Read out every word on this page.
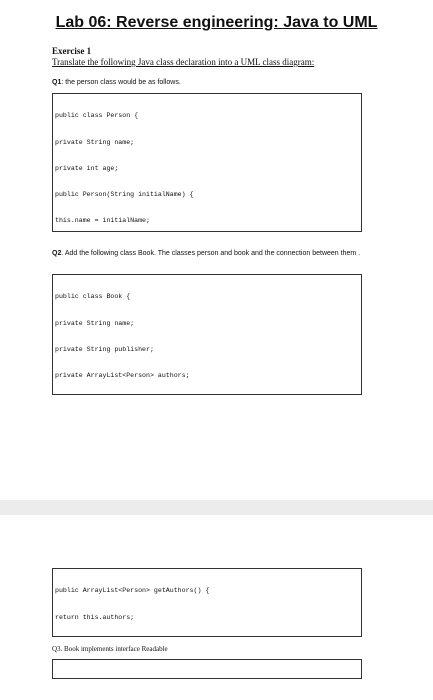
Lab 06: Reverse engineering: Java to UML
Exercise 1
Translate the following Java class declaration into a UML class diagram:
Q1: the person class would be as follows.

public class Person {

private String name;

private int age;

public Person(String initialName) {

this.name = initialName;

Q2. Add the following class Book. The classes person and book and the connection between them .

public class Book {

private String name;

private String publisher;

private ArrayList<Person> authors;

public ArrayList<Person> getAuthors() {

return this.authors;

Q3. Book implements interface Readable
